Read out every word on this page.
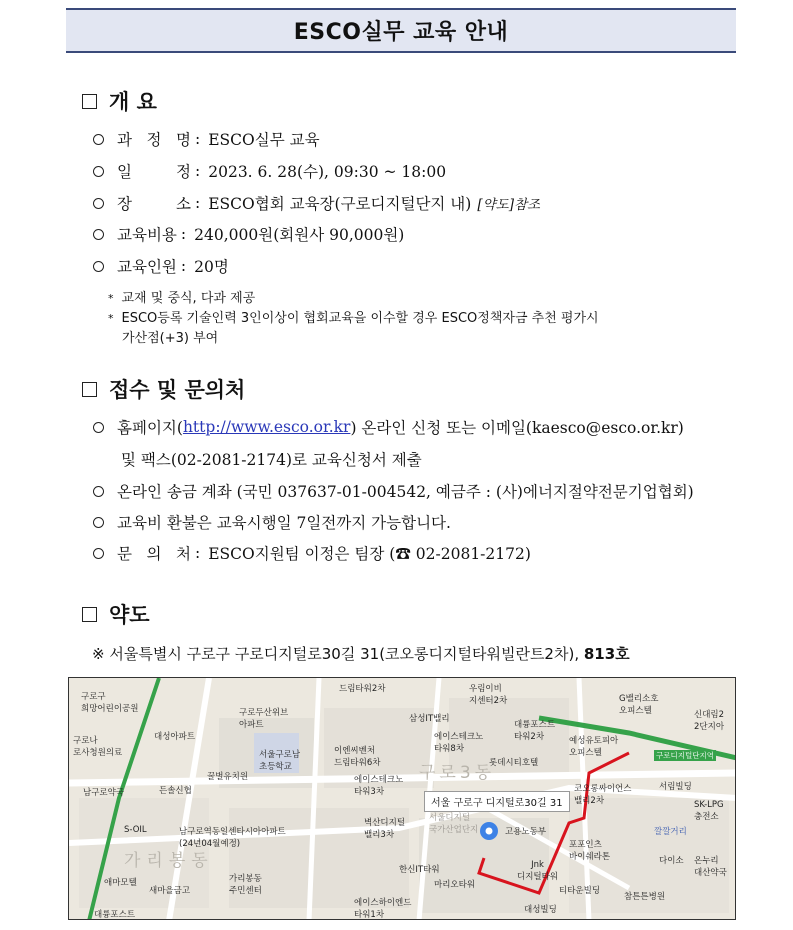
ESCO실무 교육 안내
개 요
과 정 명 : ESCO실무 교육
일	정 : 2023. 6. 28(수), 09:30 ~ 18:00
장	소 : ESCO협회 교육장(구로디지털단지 내) [약도]참조
교육비용 : 240,000원(회원사 90,000원)
교육인원 : 20명
* 교재 및 중식, 다과 제공
* ESCO등록 기술인력 3인이상이 협회교육을 이수할 경우 ESCO정책자금 추천 평가시
가산점(+3) 부여
접수 및 문의처
홈페이지( http://www.esco.or.kr ) 온라인 신청 또는 이메일(kaesco@esco.or.kr)
및 팩스(02-2081-2174)로 교육신청서 제출
온라인 송금 계좌 (국민 037637-01-004542, 예금주 : (사)에너지절약전문기업협회)
교육비 환불은 교육시행일 7일전까지 가능합니다.
문 의 처 : ESCO지원팀 이정은 팀장 (☎ 02-2081-2172)
약도
※ 서울특별시 구로구 구로디지털로30길 31(코오롱디지털타워빌란트2차), 813호
드림타워2차	우림이비
지센터2차
구로구
희망어린이공원	구로두산위브
아파트
삼성IT밸리
대륭포스트
타워2차
G밸리소호
오피스텔	신대림2
2단지아
대성아파트
서울구로남
초등학교
에이스테크노
타워8차
예성유토피아
오피스텔
구로나
로사청원의료	이엔씨벤처
드림타워6차	롯데시티호텔
꿀벌유치원	에이스테크노
타워3차	서림빌딩
남구로약국	든솔신협	코오롱싸이언스
밸리2차	SK-LPG
충전소
S-OIL	남구로역동일센타시아아파트
(24년04월예정)
벽산디지털
밸리3차	고용노동부	깔깔거리
포포인츠
바이쉐라톤	다이소 온누리
대산약국
가리봉동
주민센터
애마모텔
새마을금고
한신IT타워
마리오타워
Jnk
디지털타워
티타운빌딩
참튼튼병원
에이스하이엔드
타워1차	대성빌딩
대륭포스트
구로3동
가리봉동
서울디지털
국가산업단지
구로디지털단지역
서울 구로구 디지털로30길 31
